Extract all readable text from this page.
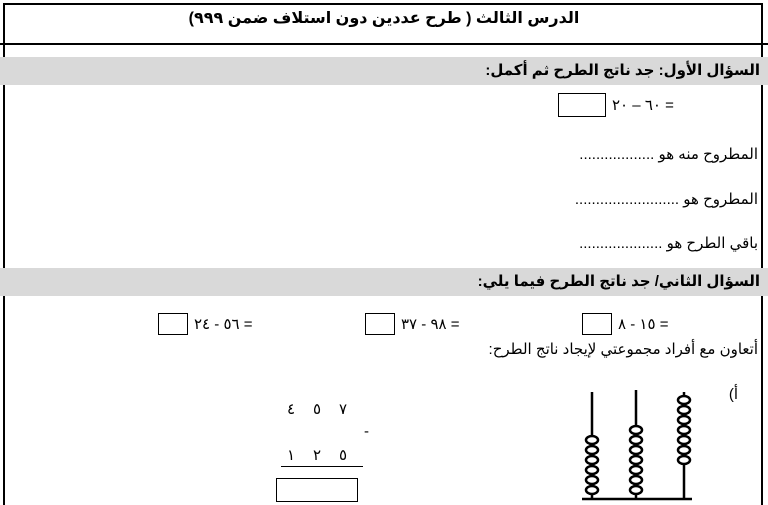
الدرس الثالث ( طرح عددين دون استلاف ضمن ٩٩٩)
السؤال الأول: جد ناتج الطرح ثم أكمل:
٦٠ – ٢٠ =
المطروح منه هو ..................
المطروح هو .........................
باقي الطرح هو ....................
السؤال الثاني/ جد ناتج الطرح فيما يلي:
١٥ - ٨ =
٩٨ - ٣٧ =
٥٦ - ٢٤ =
أتعاون مع أفراد مجموعتي لإيجاد ناتج الطرح:
أ)
٤ ٥ ٧
-
١ ٢ ٥
